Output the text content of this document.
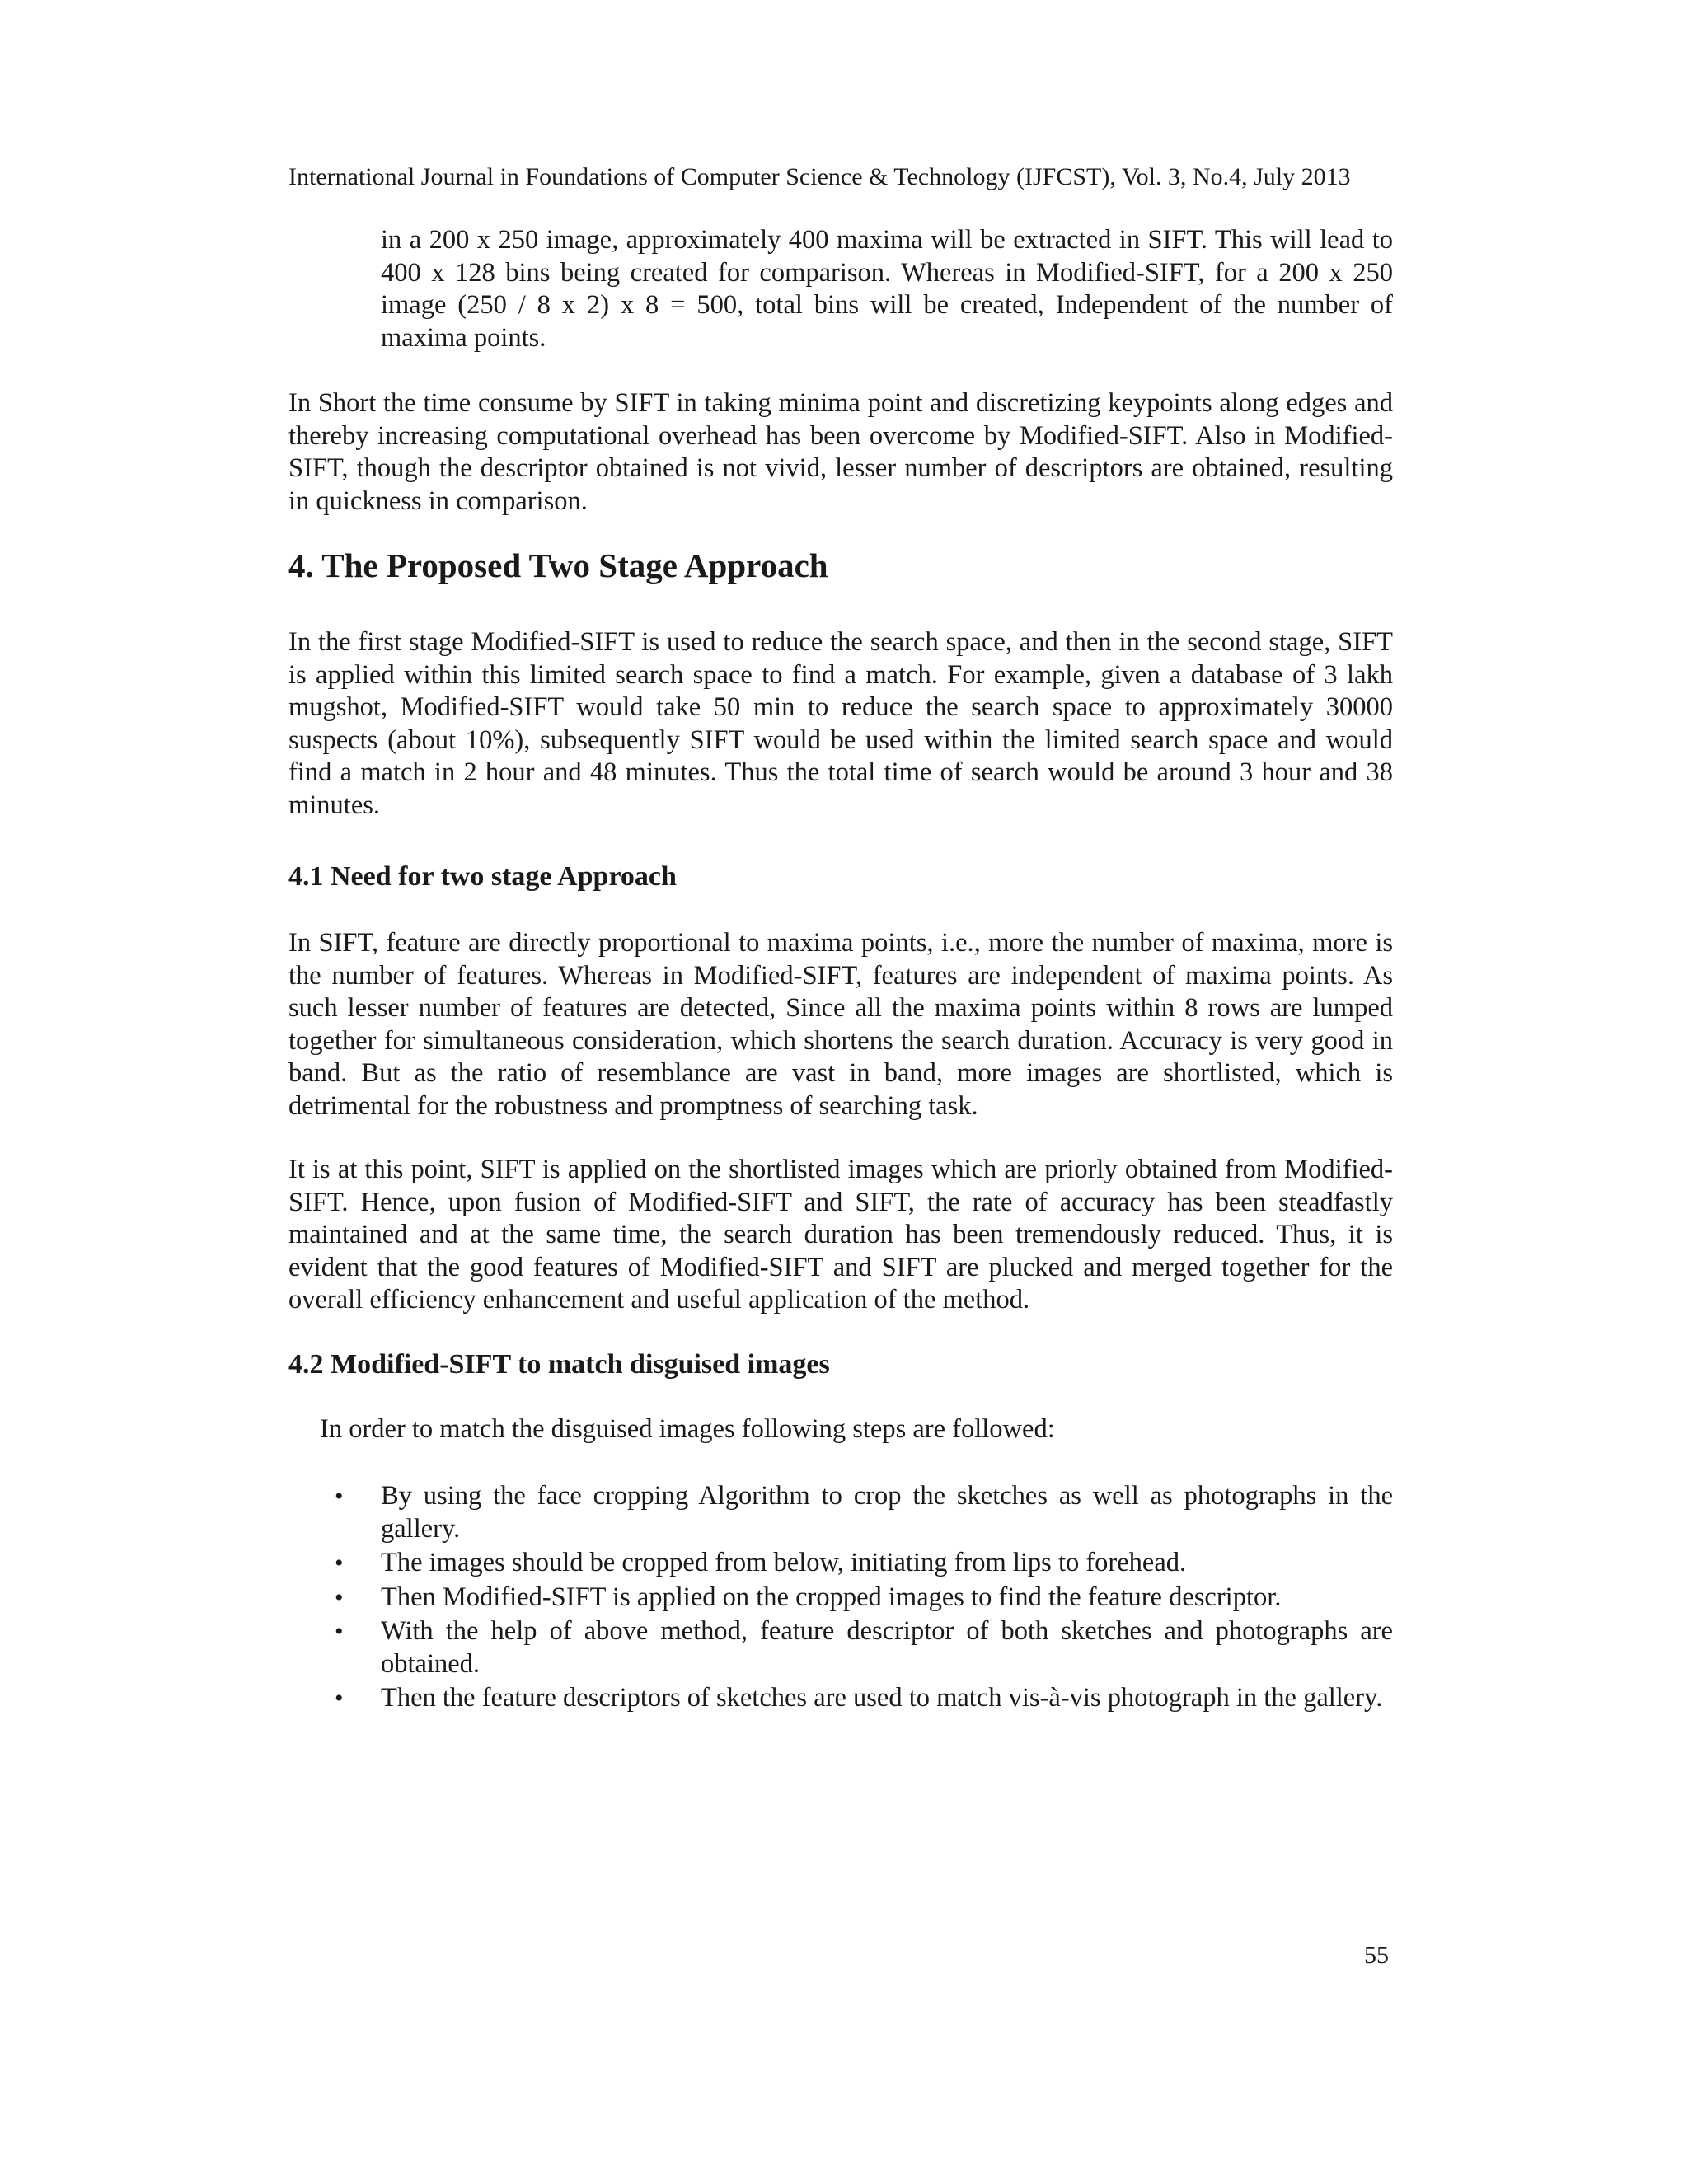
International Journal in Foundations of Computer Science & Technology (IJFCST), Vol. 3, No.4, July 2013

in a 200 x 250 image, approximately 400 maxima will be extracted in SIFT. This will lead to 400 x 128 bins being created for comparison. Whereas in Modified-SIFT, for a 200 x 250 image (250 / 8 x 2) x 8 = 500, total bins will be created, Independent of the number of maxima points.

In Short the time consume by SIFT in taking minima point and discretizing keypoints along edges and thereby increasing computational overhead has been overcome by Modified-SIFT. Also in Modified-SIFT, though the descriptor obtained is not vivid, lesser number of descriptors are obtained, resulting in quickness in comparison.

4. The Proposed Two Stage Approach

In the first stage Modified-SIFT is used to reduce the search space, and then in the second stage, SIFT is applied within this limited search space to find a match. For example, given a database of 3 lakh mugshot, Modified-SIFT would take 50 min to reduce the search space to approximately 30000 suspects (about 10%), subsequently SIFT would be used within the limited search space and would find a match in 2 hour and 48 minutes. Thus the total time of search would be around 3 hour and 38 minutes.

4.1 Need for two stage Approach

In SIFT, feature are directly proportional to maxima points, i.e., more the number of maxima, more is the number of features. Whereas in Modified-SIFT, features are independent of maxima points. As such lesser number of features are detected, Since all the maxima points within 8 rows are lumped together for simultaneous consideration, which shortens the search duration. Accuracy is very good in band. But as the ratio of resemblance are vast in band, more images are shortlisted, which is detrimental for the robustness and promptness of searching task.

It is at this point, SIFT is applied on the shortlisted images which are priorly obtained from Modified-SIFT. Hence, upon fusion of Modified-SIFT and SIFT, the rate of accuracy has been steadfastly maintained and at the same time, the search duration has been tremendously reduced. Thus, it is evident that the good features of Modified-SIFT and SIFT are plucked and merged together for the overall efficiency enhancement and useful application of the method.

4.2 Modified-SIFT to match disguised images

In order to match the disguised images following steps are followed:

• By using the face cropping Algorithm to crop the sketches as well as photographs in the gallery.
• The images should be cropped from below, initiating from lips to forehead.
• Then Modified-SIFT is applied on the cropped images to find the feature descriptor.
• With the help of above method, feature descriptor of both sketches and photographs are obtained.
• Then the feature descriptors of sketches are used to match vis-à-vis photograph in the gallery.
55
